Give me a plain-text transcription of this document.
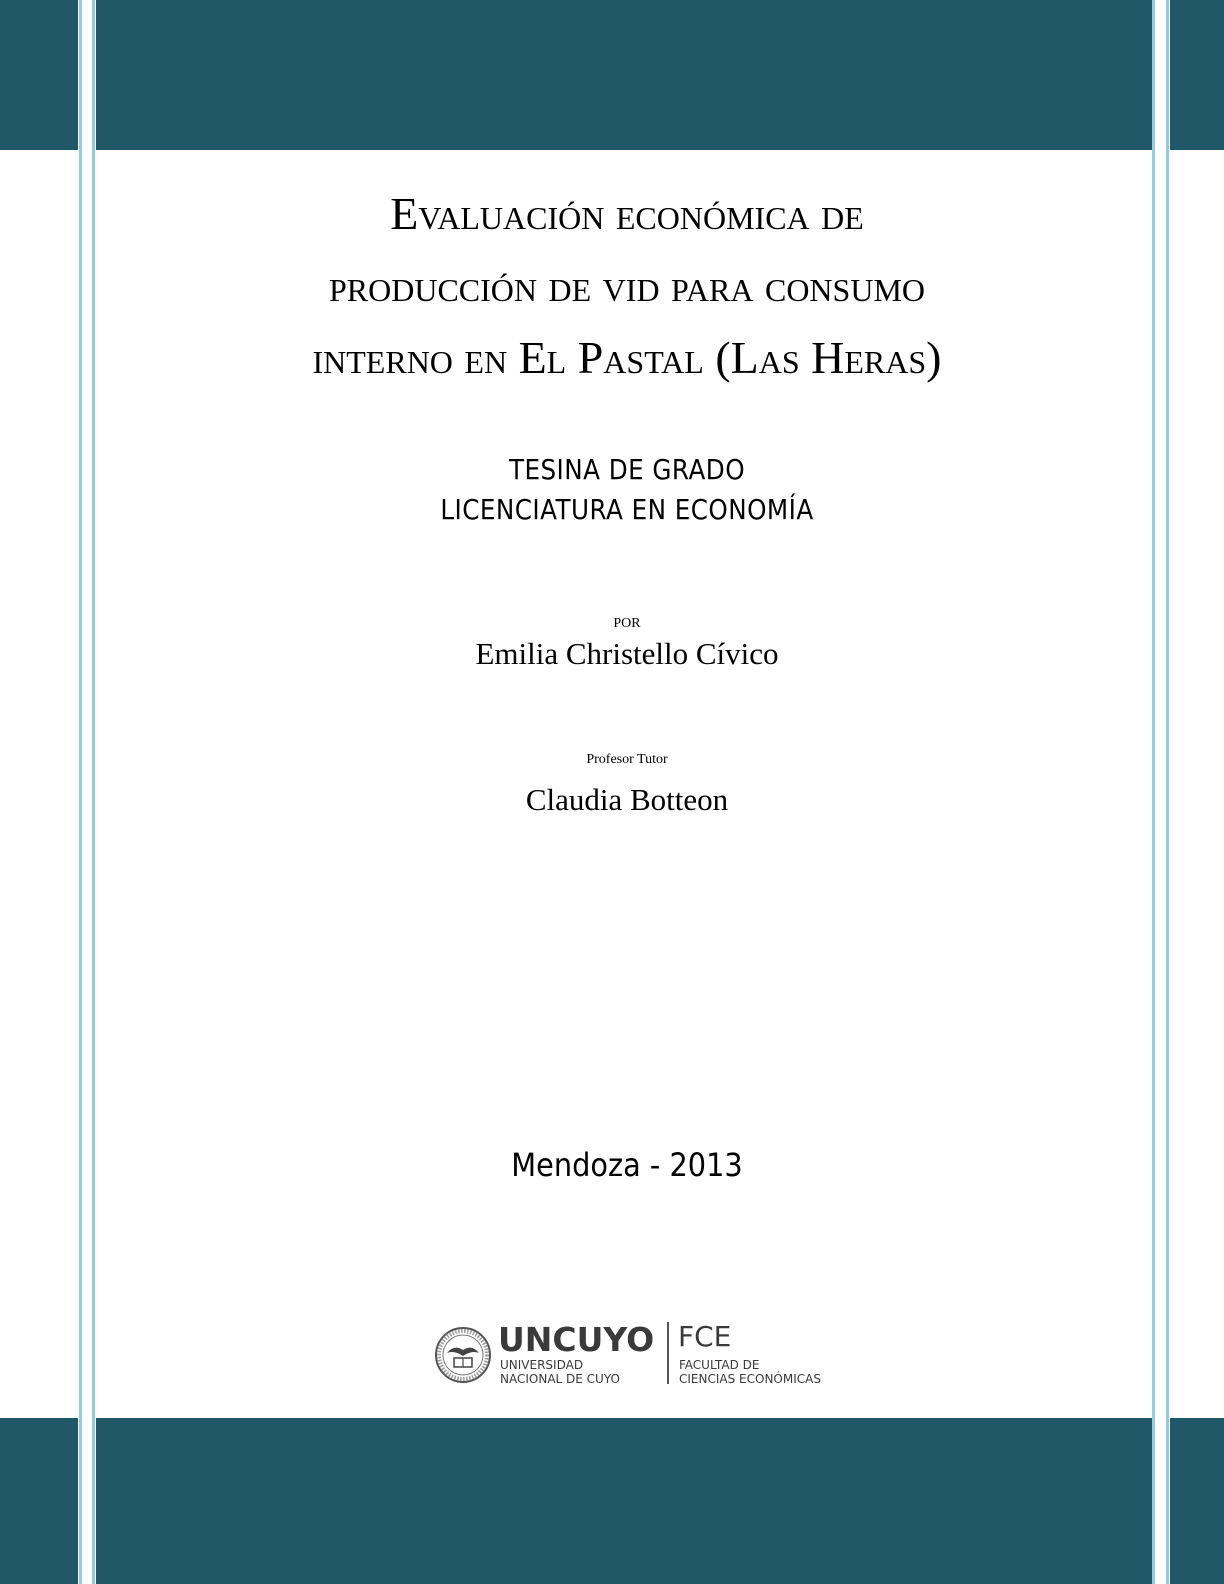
Evaluación económica de
producción de vid para consumo
interno en El Pastal (Las Heras)
TESINA DE GRADO
LICENCIATURA EN ECONOMÍA
POR
Emilia Christello Cívico
Profesor Tutor
Claudia Botteon
Mendoza - 2013
UNCUYO
UNIVERSIDAD
NACIONAL DE CUYO
FCE
FACULTAD DE
CIENCIAS ECONÓMICAS
